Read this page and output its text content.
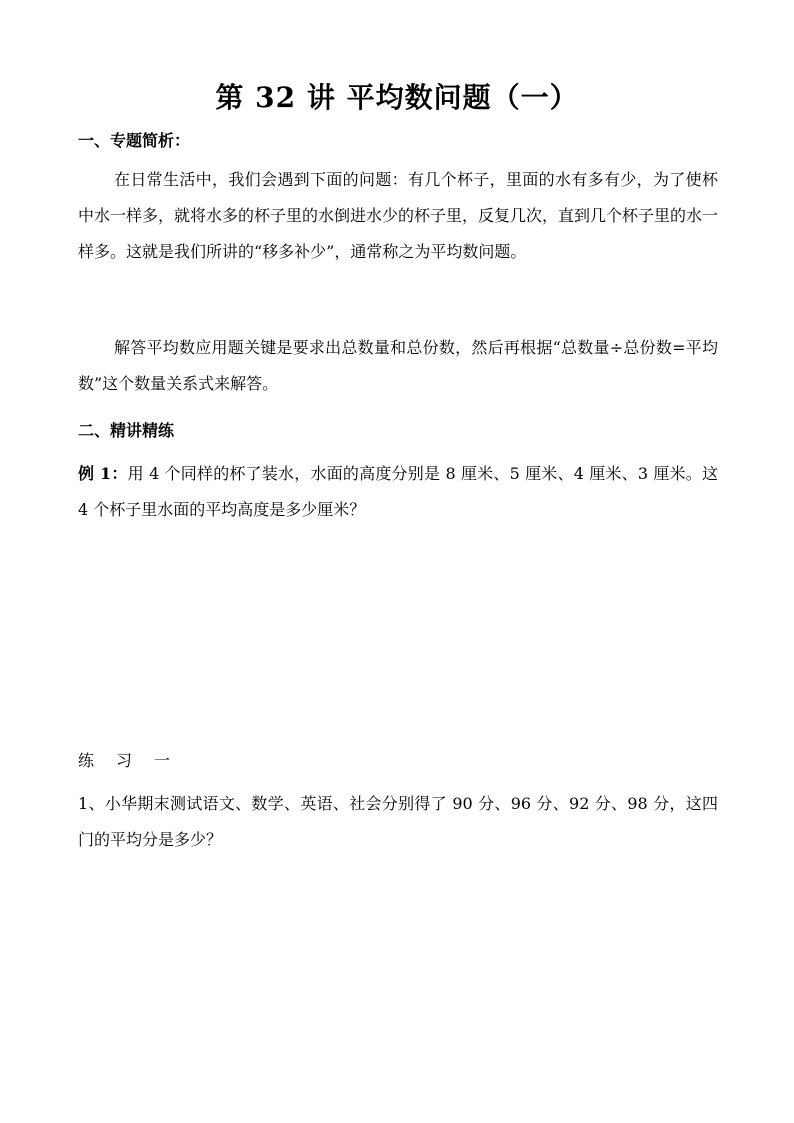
第 32 讲 平均数问题（一）
一、专题简析：
在日常生活中，我们会遇到下面的问题：有几个杯子，里面的水有多有少，为了使杯中水一样多，就将水多的杯子里的水倒进水少的杯子里，反复几次，直到几个杯子里的水一样多。这就是我们所讲的“移多补少”，通常称之为平均数问题。
解答平均数应用题关键是要求出总数量和总份数，然后再根据“总数量÷总份数=平均数”这个数量关系式来解答。
二、精讲精练
例 1：用 4 个同样的杯了装水，水面的高度分别是 8 厘米、5 厘米、4 厘米、3 厘米。这 4 个杯子里水面的平均高度是多少厘米？
练 习 一
1、小华期末测试语文、数学、英语、社会分别得了 90 分、96 分、92 分、98 分，这四门的平均分是多少？
